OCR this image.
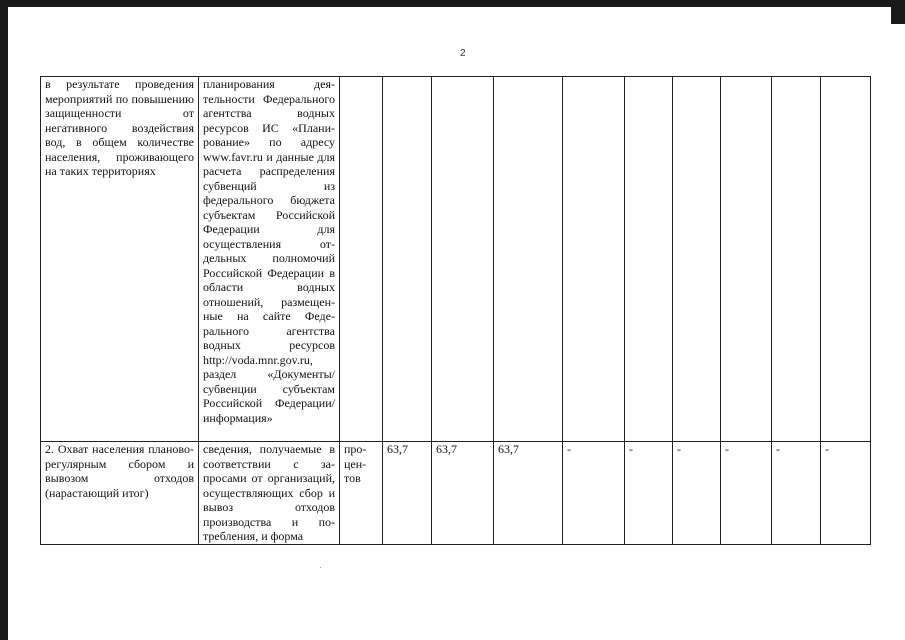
2
в результате проведения мероприятий по повышению защищенности от негативного воздействия вод, в общем количестве населения, проживающего на таких территориях	планирования деятельности Федерального агентства водных ресурсов ИС «Планирование» по адресу www.favr.ru и данные для расчета распределения субвенций из федерального бюджета субъектам Российской Федерации для осуществления отдельных полномочий Российской Федерации в области водных отношений, размещенные на сайте Федерального агентства водных ресурсов http://voda.mnr.gov.ru, раздел «Документы/субвенции субъектам Российской Федерации/информация»										
2. Охват населения планово-регулярным сбором и вывозом отходов (нарастающий итог)	сведения, получаемые в соответствии с запросами от организаций, осуществляющих сбор и вывоз отходов производства и потребления, и форма	процентов	63,7	63,7	63,7	-	-	-	-	-	-
